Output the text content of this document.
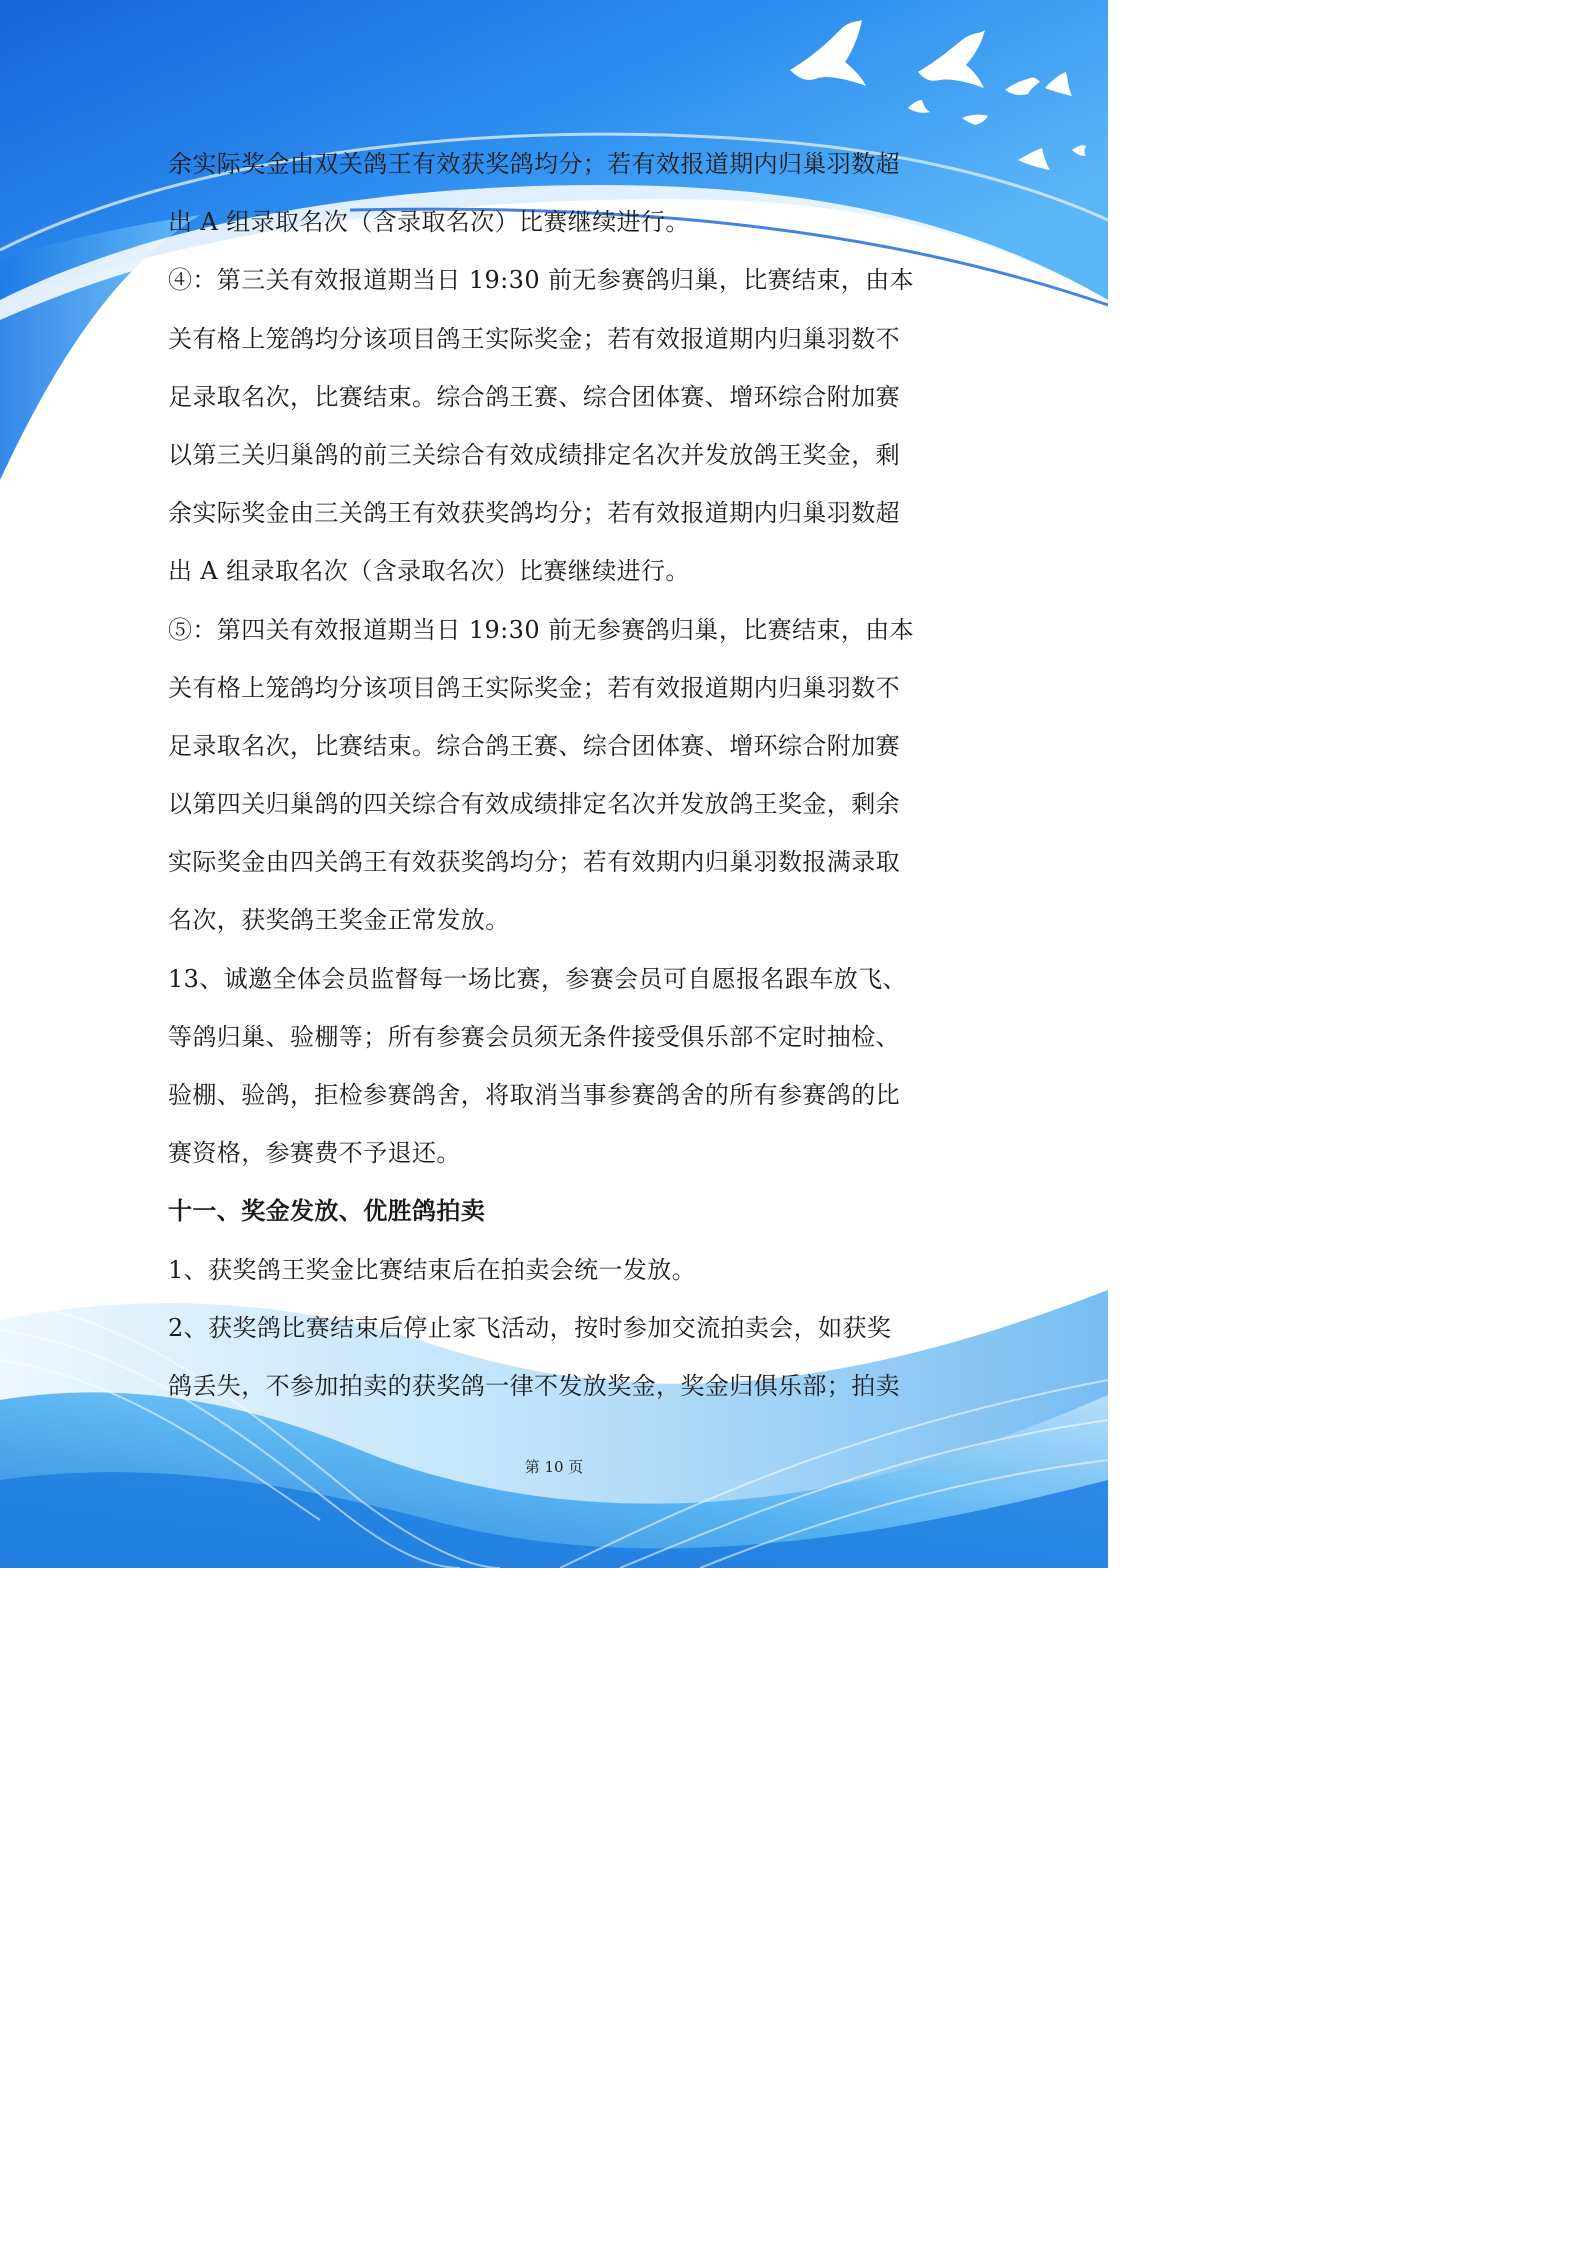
余实际奖金由双关鸽王有效获奖鸽均分；若有效报道期内归巢羽数超
出 A 组录取名次（含录取名次）比赛继续进行。
④：第三关有效报道期当日 19:30 前无参赛鸽归巢，比赛结束，由本
关有格上笼鸽均分该项目鸽王实际奖金；若有效报道期内归巢羽数不
足录取名次，比赛结束。综合鸽王赛、综合团体赛、增环综合附加赛
以第三关归巢鸽的前三关综合有效成绩排定名次并发放鸽王奖金，剩
余实际奖金由三关鸽王有效获奖鸽均分；若有效报道期内归巢羽数超
出 A 组录取名次（含录取名次）比赛继续进行。
⑤：第四关有效报道期当日 19:30 前无参赛鸽归巢，比赛结束，由本
关有格上笼鸽均分该项目鸽王实际奖金；若有效报道期内归巢羽数不
足录取名次，比赛结束。综合鸽王赛、综合团体赛、增环综合附加赛
以第四关归巢鸽的四关综合有效成绩排定名次并发放鸽王奖金，剩余
实际奖金由四关鸽王有效获奖鸽均分；若有效期内归巢羽数报满录取
名次，获奖鸽王奖金正常发放。
13、诚邀全体会员监督每一场比赛，参赛会员可自愿报名跟车放飞、
等鸽归巢、验棚等；所有参赛会员须无条件接受俱乐部不定时抽检、
验棚、验鸽，拒检参赛鸽舍，将取消当事参赛鸽舍的所有参赛鸽的比
赛资格，参赛费不予退还。
十一、奖金发放、优胜鸽拍卖
1、获奖鸽王奖金比赛结束后在拍卖会统一发放。
2、获奖鸽比赛结束后停止家飞活动，按时参加交流拍卖会，如获奖
鸽丢失，不参加拍卖的获奖鸽一律不发放奖金，奖金归俱乐部；拍卖
第 10 页
